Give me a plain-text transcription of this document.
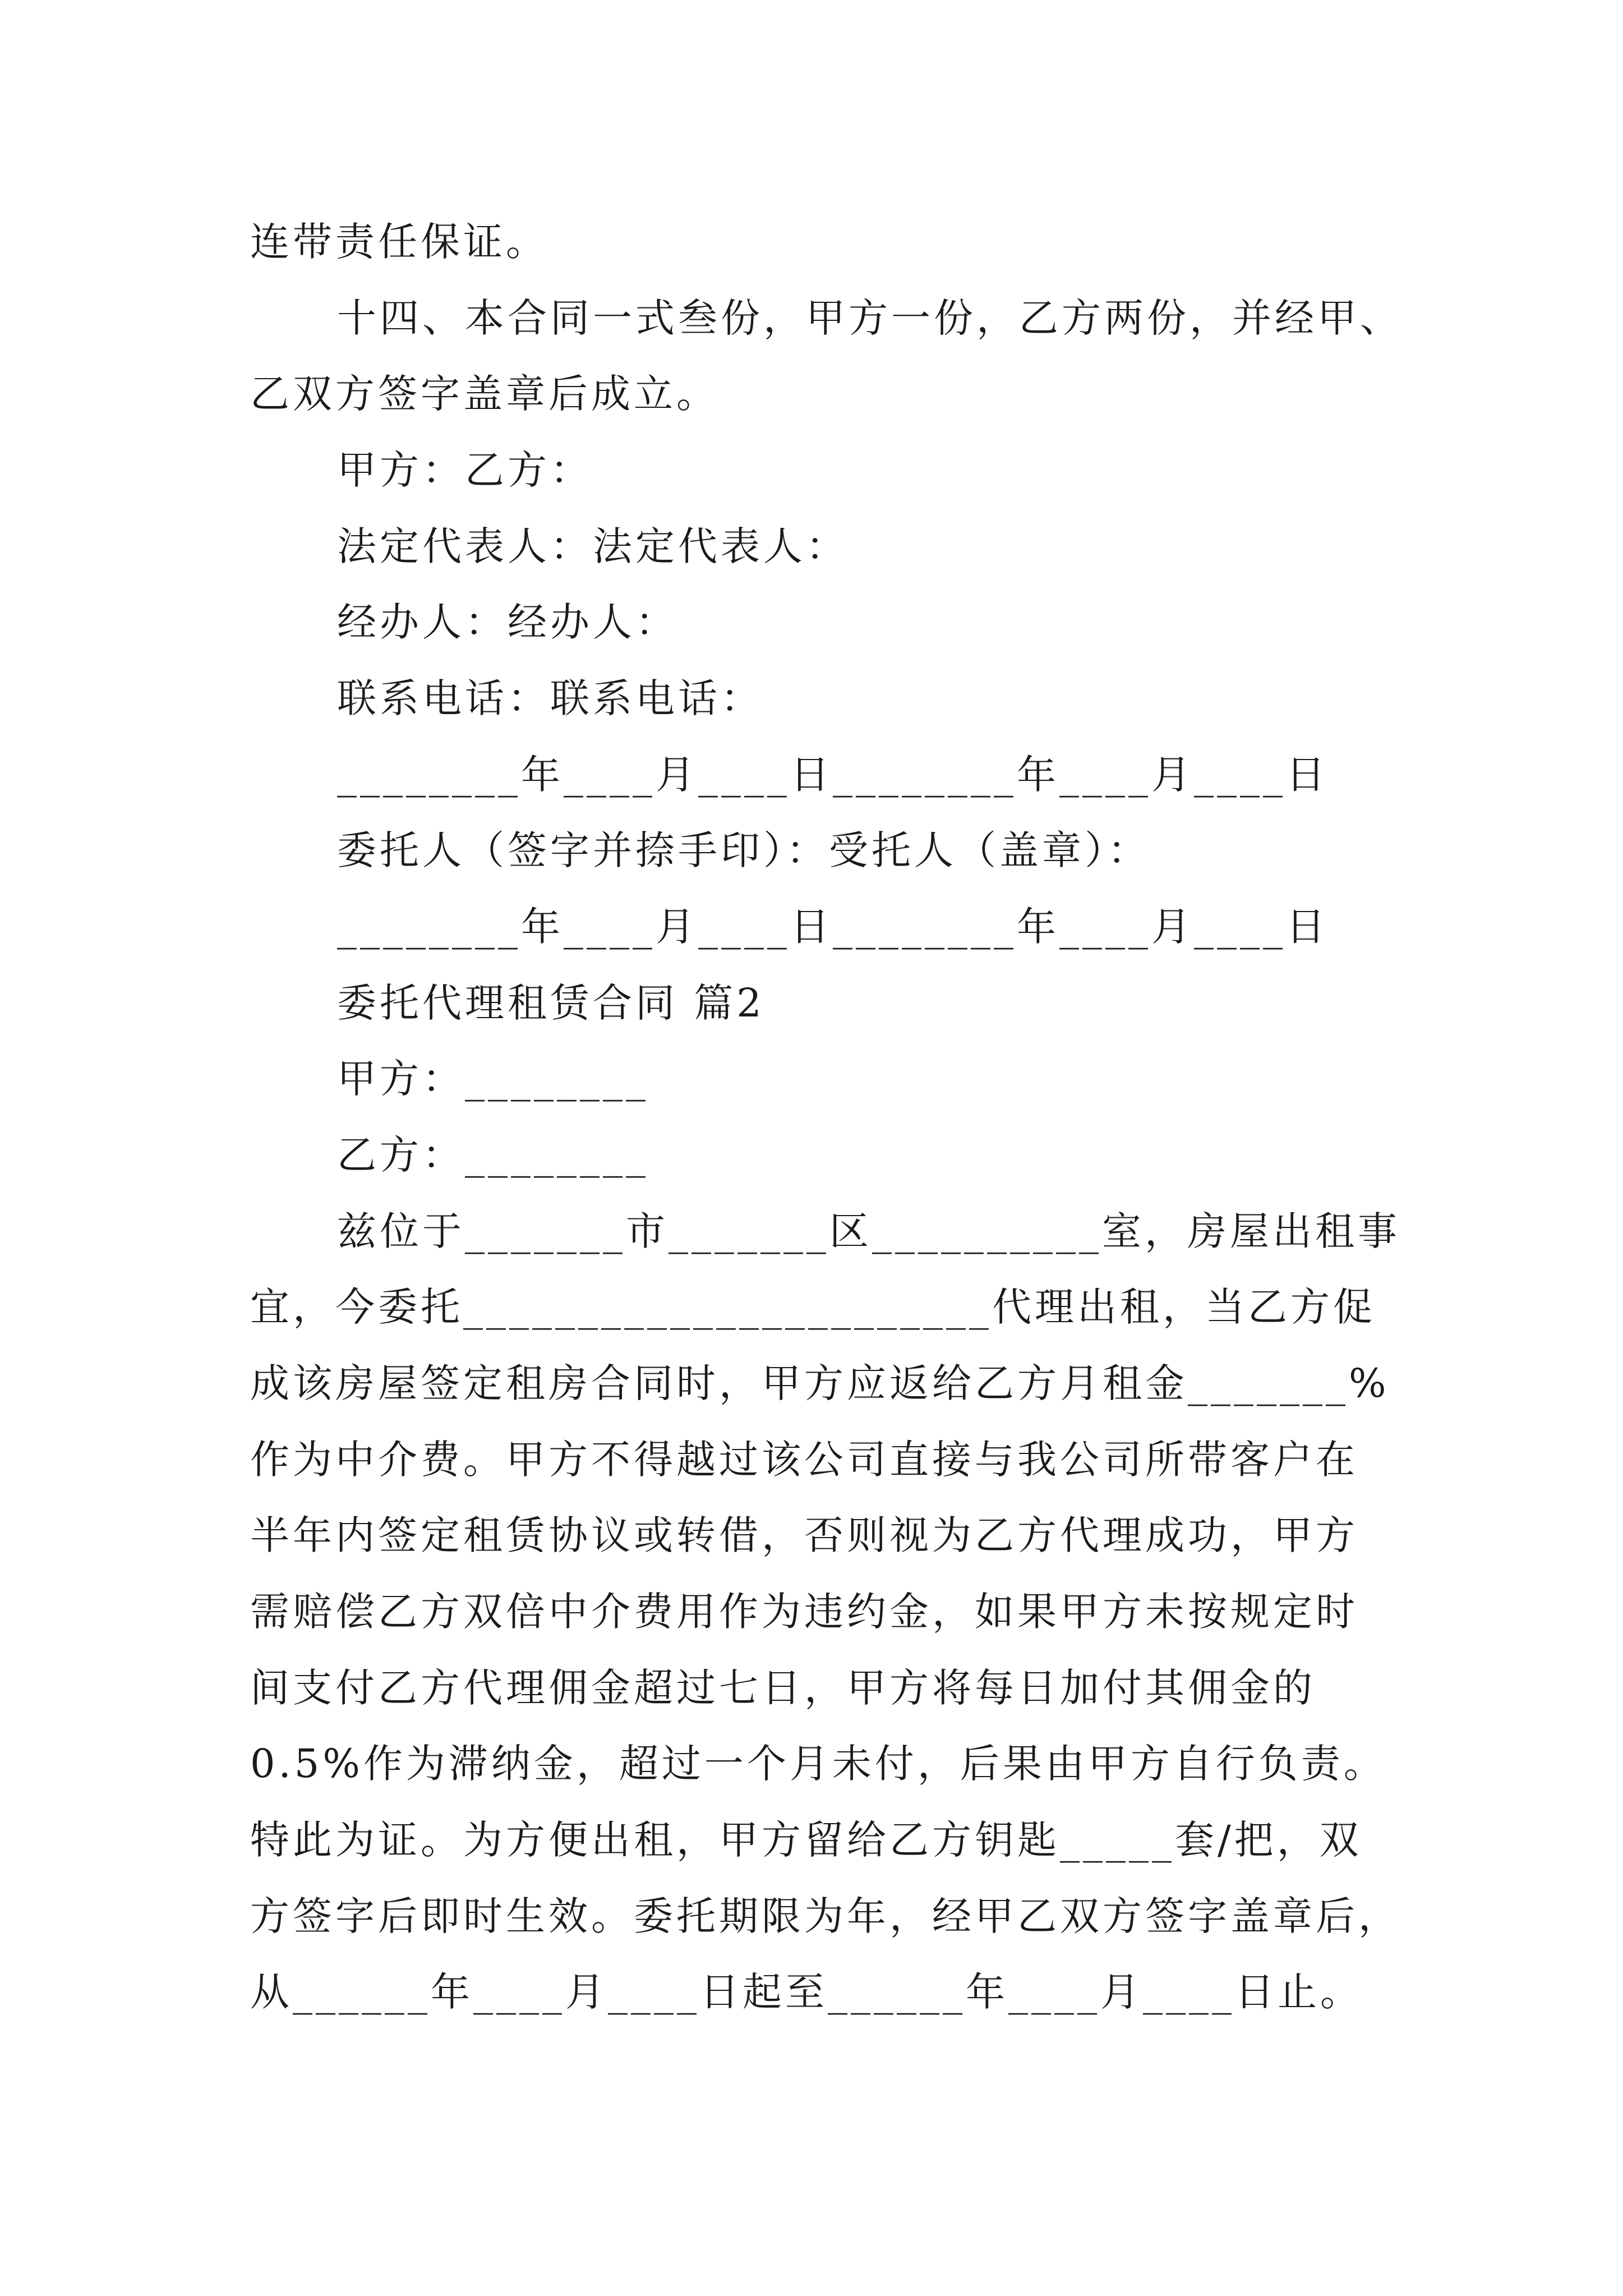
连带责任保证。

十四、本合同一式叁份，甲方一份，乙方两份，并经甲、

乙双方签字盖章后成立。

甲方：乙方：

法定代表人：法定代表人：

经办人：经办人：

联系电话：联系电话：

________年____月____日________年____月____日

委托人（签字并捺手印）：受托人（盖章）：

________年____月____日________年____月____日

委托代理租赁合同 篇2

甲方：________

乙方：________

兹位于_______市_______区__________室，房屋出租事

宜，今委托_______________________代理出租，当乙方促

成该房屋签定租房合同时，甲方应返给乙方月租金_______%

作为中介费。甲方不得越过该公司直接与我公司所带客户在

半年内签定租赁协议或转借，否则视为乙方代理成功，甲方

需赔偿乙方双倍中介费用作为违约金，如果甲方未按规定时

间支付乙方代理佣金超过七日，甲方将每日加付其佣金的

0.5%作为滞纳金，超过一个月未付，后果由甲方自行负责。

特此为证。为方便出租，甲方留给乙方钥匙_____套/把，双

方签字后即时生效。委托期限为年，经甲乙双方签字盖章后，

从______年____月____日起至______年____月____日止。
